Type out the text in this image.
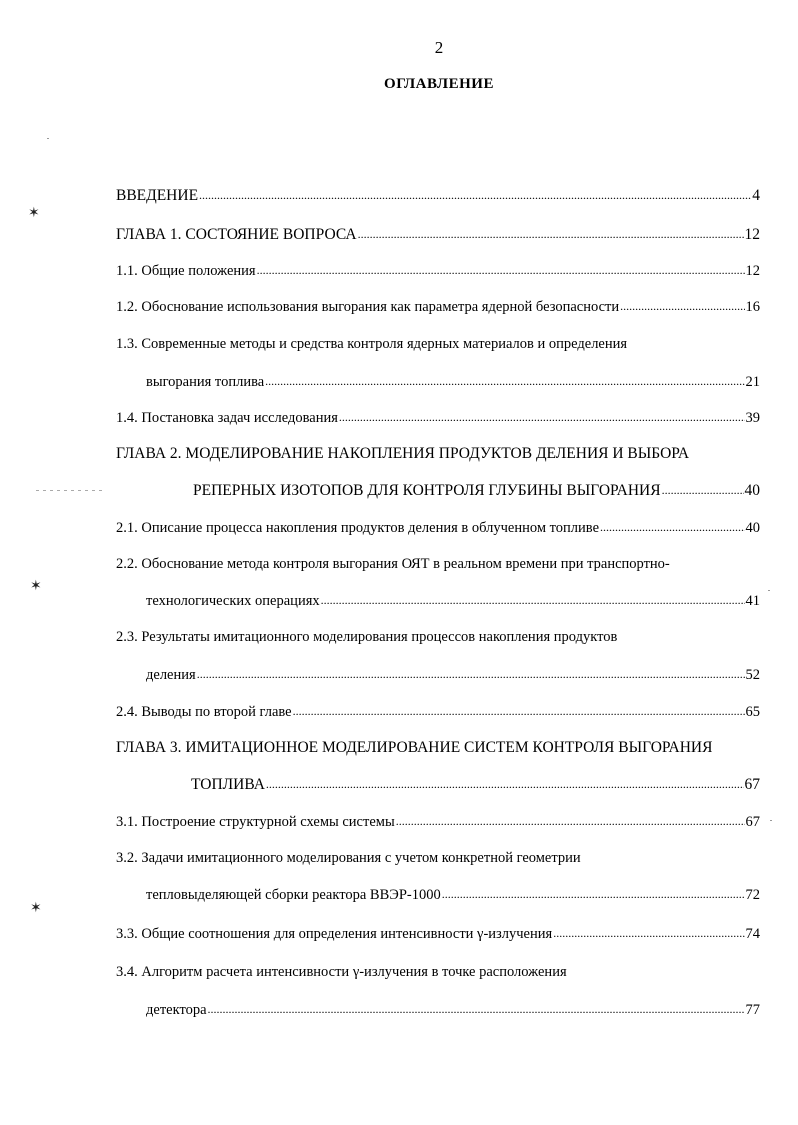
2
ОГЛАВЛЕНИЕ
ВВЕДЕНИЕ .....	4
ГЛАВА 1. СОСТОЯНИЕ ВОПРОСА .....	12
1.1. Общие положения .....	12
1.2. Обоснование использования выгорания как параметра ядерной безопасности .....	16
1.3. Современные методы и средства контроля ядерных материалов и определения
выгорания топлива .....	21
1.4. Постановка задач исследования .....	39
ГЛАВА 2. МОДЕЛИРОВАНИЕ НАКОПЛЕНИЯ ПРОДУКТОВ ДЕЛЕНИЯ И ВЫБОРА
РЕПЕРНЫХ ИЗОТОПОВ ДЛЯ КОНТРОЛЯ ГЛУБИНЫ ВЫГОРАНИЯ .....	40
2.1. Описание процесса накопления продуктов деления в облученном топливе .....	40
2.2. Обоснование метода контроля выгорания ОЯТ в реальном времени при транспортно-
технологических операциях .....	41
2.3. Результаты имитационного моделирования процессов накопления продуктов
деления .....	52
2.4. Выводы по второй главе .....	65
ГЛАВА 3. ИМИТАЦИОННОЕ МОДЕЛИРОВАНИЕ СИСТЕМ КОНТРОЛЯ ВЫГОРАНИЯ
ТОПЛИВА .....	67
3.1. Построение структурной схемы системы .....	67
3.2. Задачи имитационного моделирования с учетом конкретной геометрии
тепловыделяющей сборки реактора ВВЭР-1000 .....	72
3.3. Общие соотношения для определения интенсивности γ-излучения .....	74
3.4. Алгоритм расчета интенсивности γ-излучения в точке расположения
детектора .....	77
✶
✶
✶
